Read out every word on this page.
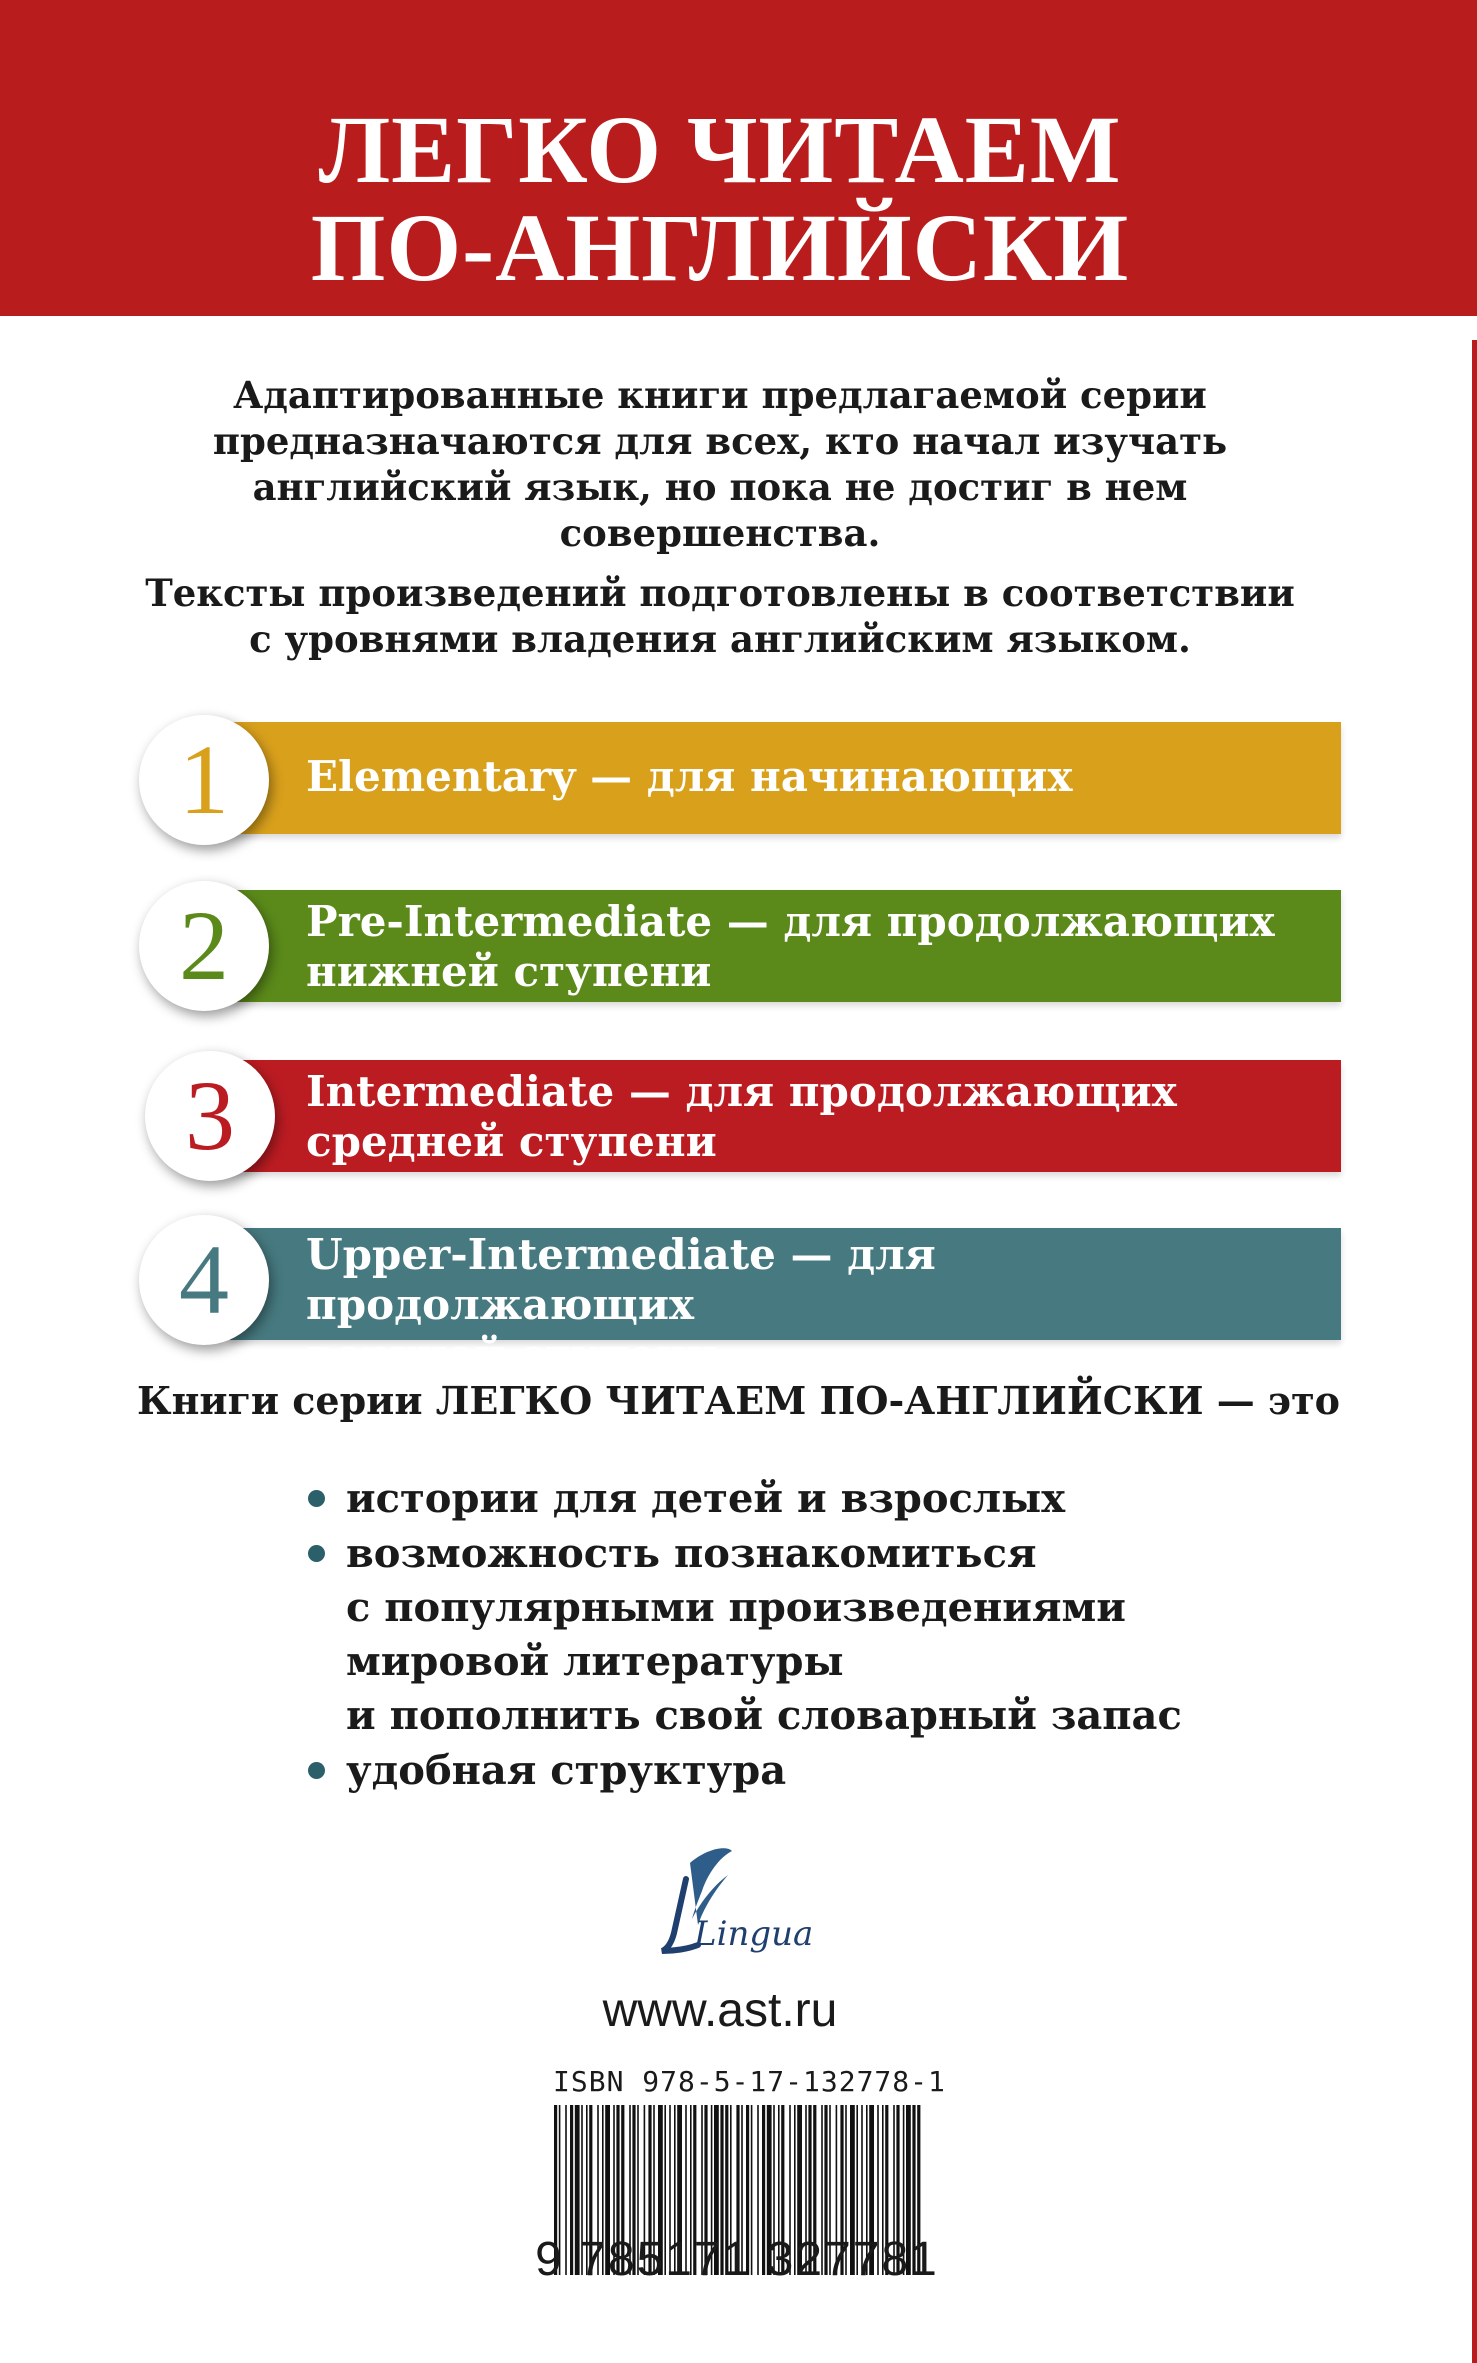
ЛЕГКО ЧИТАЕМ
ПО-АНГЛИЙСКИ

Адаптированные книги предлагаемой серии

предназначаются для всех, кто начал изучать

английский язык, но пока не достиг в нем

совершенства.

Тексты произведений подготовлены в соответствии

с уровнями владения английским языком.

Elementary — для начинающих
1
Pre-Intermediate — для продолжающих
нижней ступени
2
Intermediate — для продолжающих
средней ступени
3
Upper-Intermediate — для продолжающих
верхней ступени
4

Книги серии ЛЕГКО ЧИТАЕМ ПО-АНГЛИЙСКИ — это

истории для детей и взрослых
возможность познакомиться
с популярными произведениями
мировой литературы
и пополнить свой словарный запас
удобная структура
Lingua
www.ast.ru
ISBN 978-5-17-132778-1
9 785171 327781
